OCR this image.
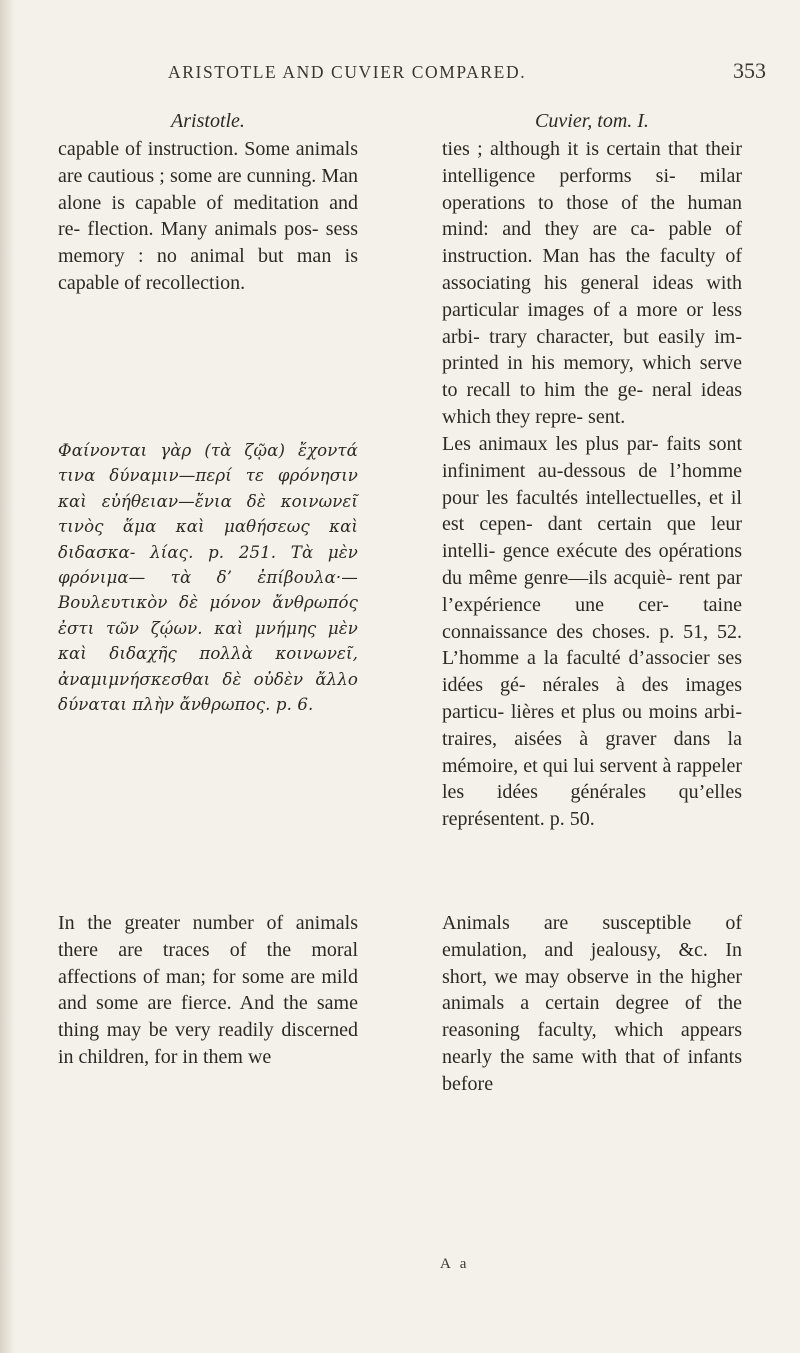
ARISTOTLE AND CUVIER COMPARED.	353
Aristotle.

capable of instruction. Some animals are cautious ; some are cunning. Man alone is capable of meditation and re- flection. Many animals pos- sess memory : no animal but man is capable of recollection.

Φαίνονται γὰρ (τὰ ζῷα) ἔχοντά τινα δύναμιν—περί τε φρόνησιν καὶ εὐήθειαν—ἔνια δὲ κοινωνεῖ τινὸς ἅμα καὶ μαθήσεως καὶ διδασκα- λίας. p. 251. Τὰ μὲν φρόνιμα— τὰ δ’ ἐπίβουλα·—Βουλευτικὸν δὲ μόνον ἄνθρωπός ἐστι τῶν ζῴων. καὶ μνήμης μὲν καὶ διδαχῆς πολλὰ κοινωνεῖ, ἀναμιμνήσκεσθαι δὲ οὐδὲν ἄλλο δύναται πλὴν ἄνθρωπος. p. 6.

In the greater number of animals there are traces of the moral affections of man; for some are mild and some are fierce. And the same thing may be very readily discerned in children, for in them we

Cuvier, tom. I.

ties ; although it is certain that their intelligence performs si- milar operations to those of the human mind: and they are ca- pable of instruction. Man has the faculty of associating his general ideas with particular images of a more or less arbi- trary character, but easily im- printed in his memory, which serve to recall to him the ge- neral ideas which they repre- sent.

Les animaux les plus par- faits sont infiniment au-dessous de l’homme pour les facultés intellectuelles, et il est cepen- dant certain que leur intelli- gence exécute des opérations du même genre—ils acquiè- rent par l’expérience une cer- taine connaissance des choses. p. 51, 52. L’homme a la faculté d’associer ses idées gé- nérales à des images particu- lières et plus ou moins arbi- traires, aisées à graver dans la mémoire, et qui lui servent à rappeler les idées générales qu’elles représentent. p. 50.

Animals are susceptible of emulation, and jealousy, &c. In short, we may observe in the higher animals a certain degree of the reasoning faculty, which appears nearly the same with that of infants before

A a
